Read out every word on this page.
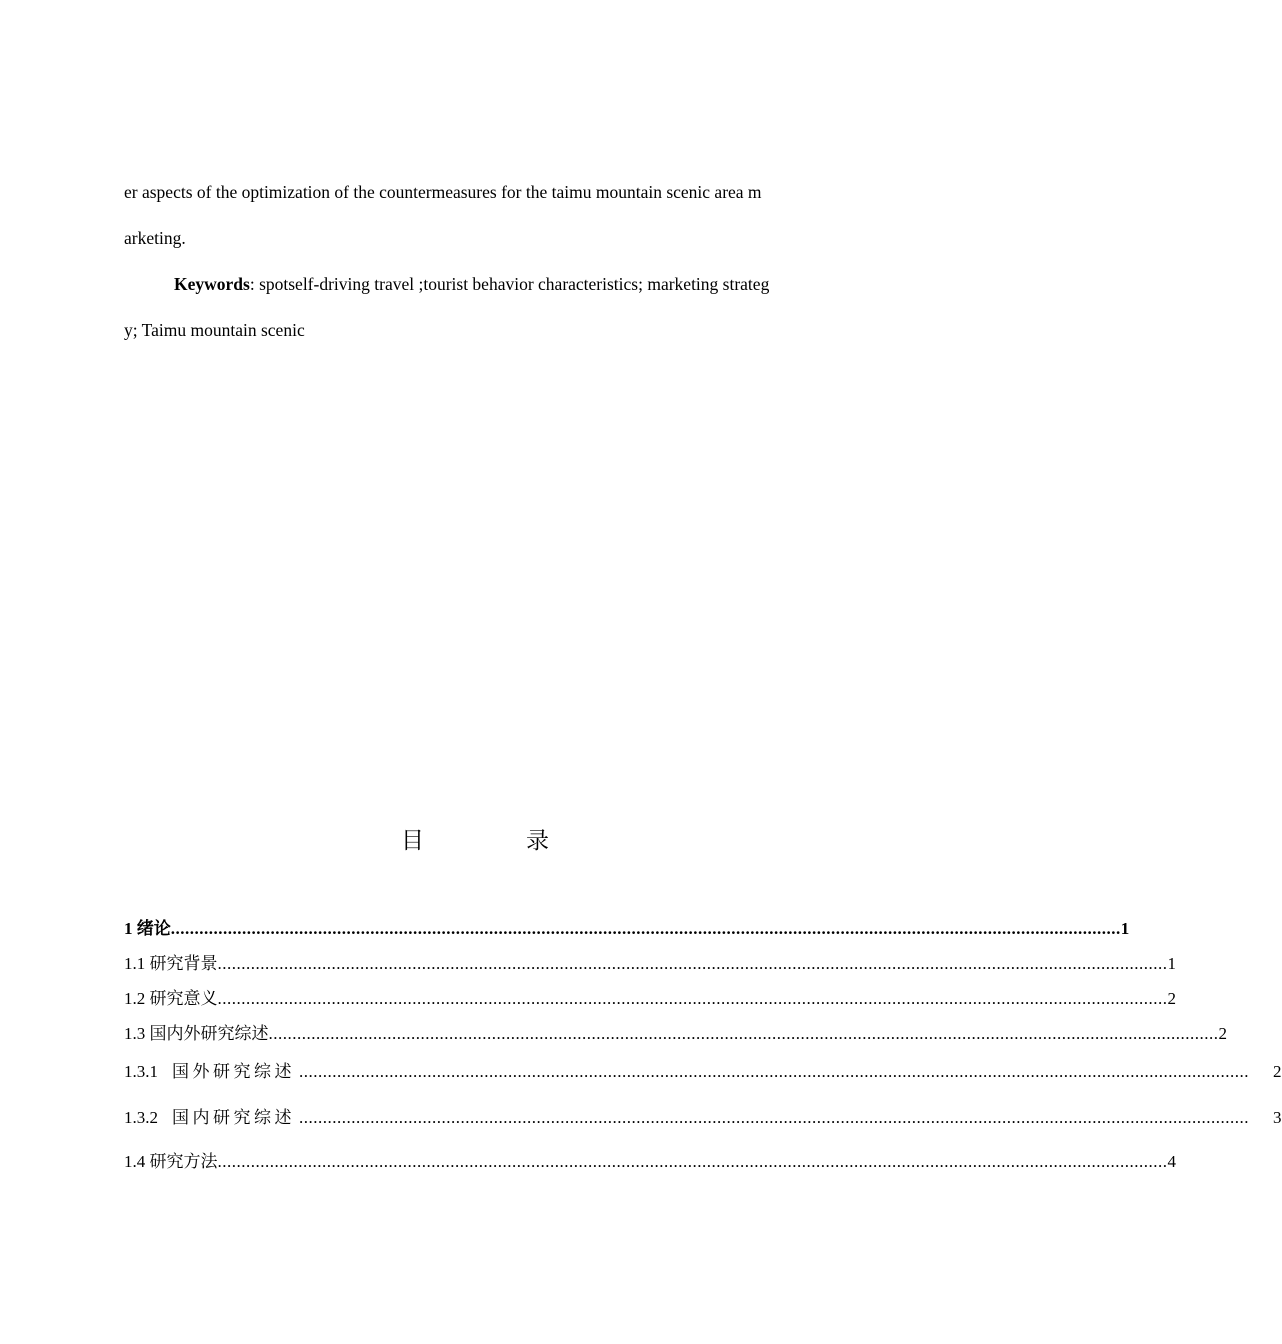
er aspects of the optimization of the countermeasures for the taimu mountain scenic area m
arketing.
Keywords: spotself-driving travel ;tourist behavior characteristics; marketing strateg
y; Taimu mountain scenic
目	录
1 绪论 ........................................................................................................................................................................................................ 1
1.1 研究背景 ........................................................................................................................................................................................................ 1
1.2 研究意义 ........................................................................................................................................................................................................ 2
1.3 国内外研究综述 ........................................................................................................................................................................................................ 2
1.3.1 国外研究综述 ........................................................................................................................................................................................................ 2
1.3.2 国内研究综述 ........................................................................................................................................................................................................ 3
1.4 研究方法 ........................................................................................................................................................................................................ 4
